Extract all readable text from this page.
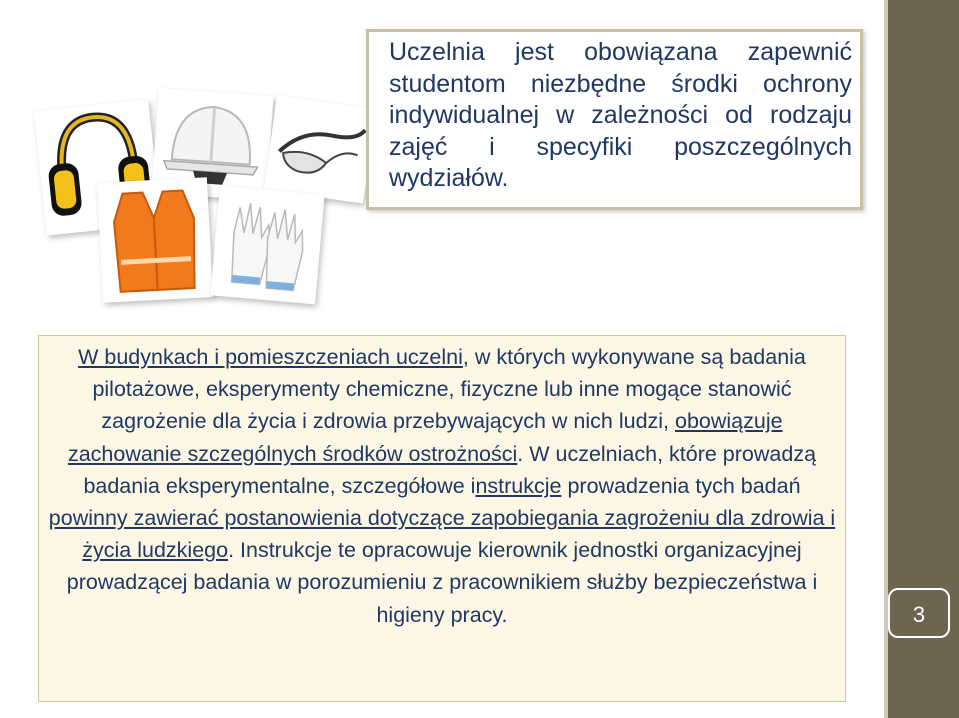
3

Uczelnia jest obowiązana zapewnić studentom niezbędne środki ochrony indywidualnej w zależności od rodzaju zajęć i specyfiki poszczególnych wydziałów.

W budynkach i pomieszczeniach uczelni, w których wykonywane są badania pilotażowe, eksperymenty chemiczne, fizyczne lub inne mogące stanowić zagrożenie dla życia i zdrowia przebywających w nich ludzi, obowiązuje zachowanie szczególnych środków ostrożności. W uczelniach, które prowadzą badania eksperymentalne, szczegółowe instrukcje prowadzenia tych badań powinny zawierać postanowienia dotyczące zapobiegania zagrożeniu dla zdrowia i życia ludzkiego. Instrukcje te opracowuje kierownik jednostki organizacyjnej prowadzącej badania w porozumieniu z pracownikiem służby bezpieczeństwa i higieny pracy.
